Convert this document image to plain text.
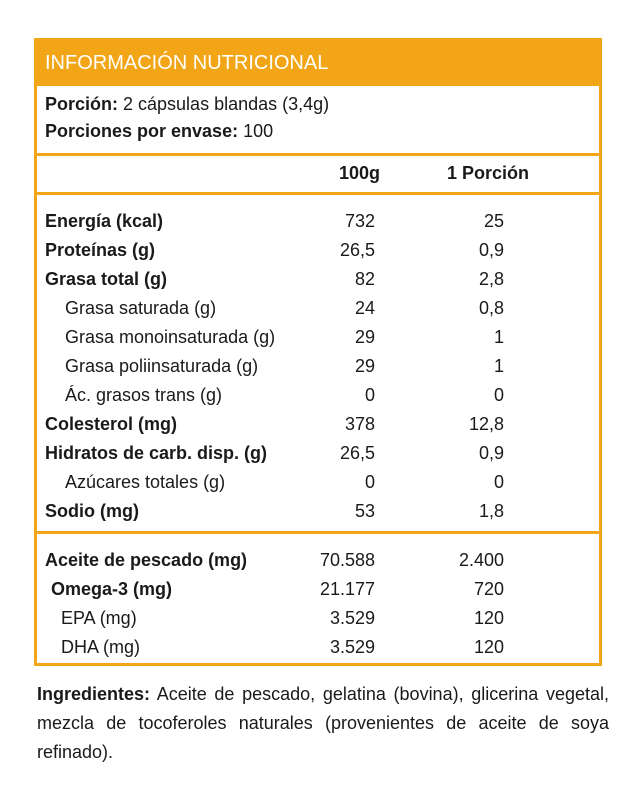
INFORMACIÓN NUTRICIONAL
Porción: 2 cápsulas blandas (3,4g)
Porciones por envase: 100
100g	1 Porción
Energía (kcal)	732	25
Proteínas (g)	26,5	0,9
Grasa total (g)	82	2,8
Grasa saturada (g)	24	0,8
Grasa monoinsaturada (g)	29	1
Grasa poliinsaturada (g)	29	1
Ác. grasos trans (g)	0	0
Colesterol (mg)	378	12,8
Hidratos de carb. disp. (g)	26,5	0,9
Azúcares totales (g)	0	0
Sodio (mg)	53	1,8
Aceite de pescado (mg)	70.588	2.400
Omega-3 (mg)	21.177	720
EPA (mg)	3.529	120
DHA (mg)	3.529	120
Ingredientes: Aceite de pescado, gelatina (bovina), glicerina vegetal, mezcla de tocoferoles naturales (provenientes de aceite de soya refinado).
